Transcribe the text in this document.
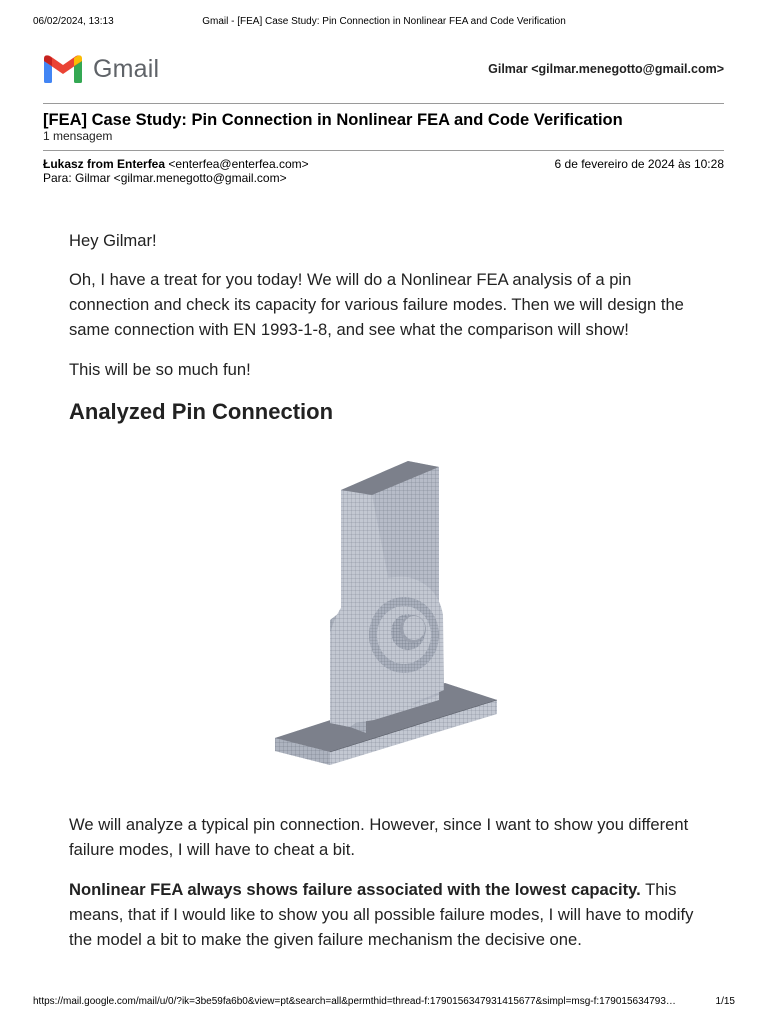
06/02/2024, 13:13	Gmail - [FEA] Case Study: Pin Connection in Nonlinear FEA and Code Verification
Gmail	Gilmar <gilmar.menegotto@gmail.com>
[FEA] Case Study: Pin Connection in Nonlinear FEA and Code Verification
1 mensagem
Łukasz from Enterfea <enterfea@enterfea.com>
Para: Gilmar <gilmar.menegotto@gmail.com>
6 de fevereiro de 2024 às 10:28
Hey Gilmar!
Oh, I have a treat for you today! We will do a Nonlinear FEA analysis of a pin connection and check its capacity for various failure modes. Then we will design the same connection with EN 1993-1-8, and see what the comparison will show!
This will be so much fun!
Analyzed Pin Connection
We will analyze a typical pin connection. However, since I want to show you different failure modes, I will have to cheat a bit.
Nonlinear FEA always shows failure associated with the lowest capacity. This means, that if I would like to show you all possible failure modes, I will have to modify the model a bit to make the given failure mechanism the decisive one.
https://mail.google.com/mail/u/0/?ik=3be59fa6b0&view=pt&search=all&permthid=thread-f:1790156347931415677&simpl=msg-f:179015634793…	1/15
